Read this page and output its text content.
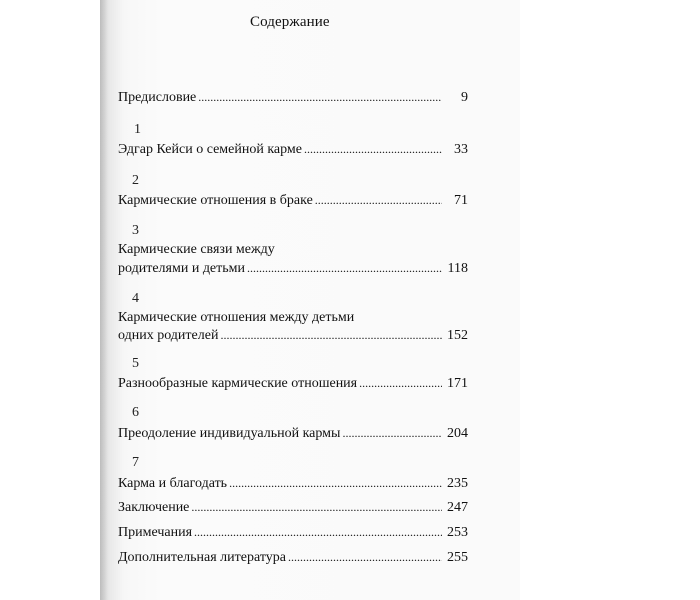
Содержание
Предисловие .....	9
1
Эдгар Кейси о семейной карме .....	33
2
Кармические отношения в браке .....	71
3
Кармические связи между
родителями и детьми .....	118
4
Кармические отношения между детьми
одних родителей .....	152
5
Разнообразные кармические отношения .....	171
6
Преодоление индивидуальной кармы .....	204
7
Карма и благодать .....	235
Заключение .....	247
Примечания .....	253
Дополнительная литература .....	255
